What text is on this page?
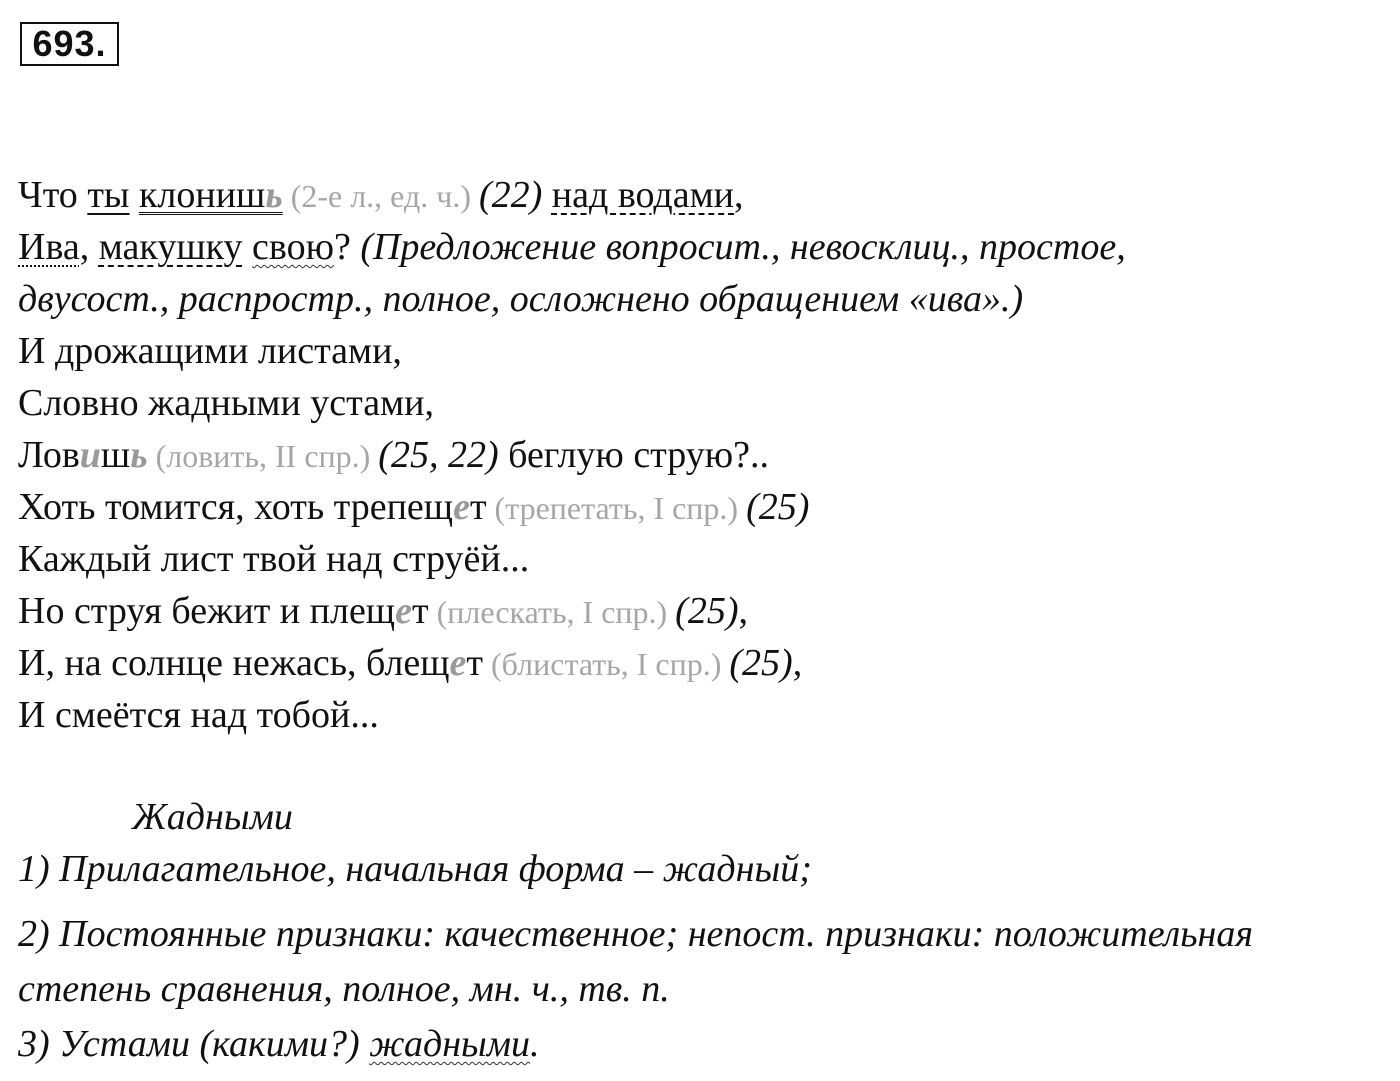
693.
Что ты клонишь (2-е л., ед. ч.) (22) над водами,
Ива, макушку свою? (Предложение вопросит., невосклиц., простое,
двусост., распростр., полное, осложнено обращением «ива».)
И дрожащими листами,
Словно жадными устами,
Ловишь (ловить, II спр.) (25, 22) беглую струю?..
Хоть томится, хоть трепещет (трепетать, I спр.) (25)
Каждый лист твой над струёй...
Но струя бежит и плещет (плескать, I спр.) (25),
И, на солнце нежась, блещет (блистать, I спр.) (25),
И смеётся над тобой...
Жадными
1) Прилагательное, начальная форма – жадный;
2) Постоянные признаки: качественное; непост. признаки: положительная
степень сравнения, полное, мн. ч., тв. п.
3) Устами (какими?) жадными.
